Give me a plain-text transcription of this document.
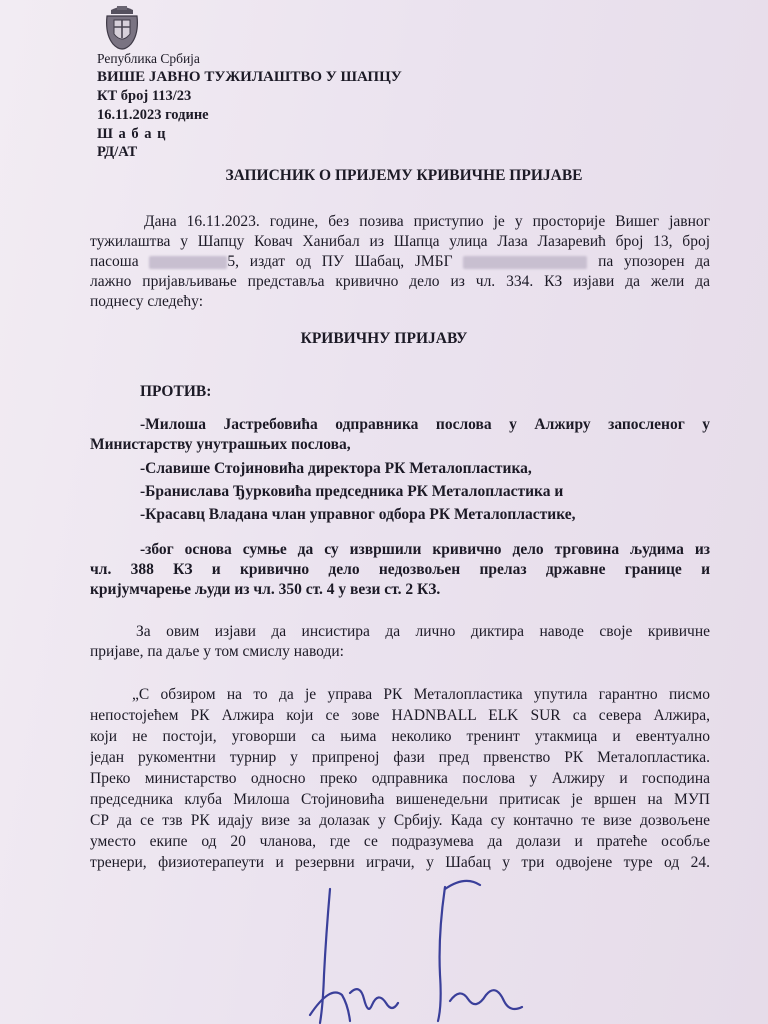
Република Србија
ВИШЕ ЈАВНО ТУЖИЛАШТВО У ШАПЦУ
КТ број 113/23
16.11.2023 године
Ш а б а ц
РД/АТ
ЗАПИСНИК О ПРИЈЕМУ КРИВИЧНЕ ПРИЈАВЕ
Дана 16.11.2023. године, без позива приступио је у просторије Вишег јавног
тужилаштва у Шапцу Ковач Ханибал из Шапца улица Лаза Лазаревић број 13, број
пасоша	5, издат од ПУ Шабац, ЈМБГ	па упозорен да
лажно пријављивање представља кривично дело из чл. 334. КЗ изјави да жели да
поднесу следећу:
КРИВИЧНУ ПРИЈАВУ
ПРОТИВ:
-Милоша Јастребовића одправника послова у Алжиру запосленог у
Министарству унутрашњих послова,
-Славише Стојиновића директора РК Металопластика,
-Бранислава Ђурковића председника РК Металопластика и
-Красавц Владана члан управног одбора РК Металопластике,
-због основа сумње да су извршили кривично дело трговина људима из
чл. 388 КЗ и кривично дело недозвољен прелаз државне границе и
кријумчарење људи из чл. 350 ст. 4 у вези ст. 2 КЗ.
За овим изјави да инсистира да лично диктира наводе своје кривичне
пријаве, па даље у том смислу наводи:
„С обзиром на то да је управа РК Металопластика упутила гарантно писмо
непостојећем РК Алжира који се зове HADNBALL ELK SUR са севера Алжира,
који не постоји, уговорши са њима неколико тренинт утакмица и евентуално
један рукоментни турнир у припреној фази пред првенство РК Металопластика.
Преко министарство односно преко одправника послова у Алжиру и господина
председника клуба Милоша Стојиновића вишенедељни притисак је вршен на МУП
СР да се тзв РК идају визе за долазак у Србију. Када су контачно те визе дозвољене
уместо екипе од 20 чланова, где се подразумева да долази и пратеће особље
тренери, физиотерапеути и резервни играчи, у Шабац у три одвојене туре од 24.
